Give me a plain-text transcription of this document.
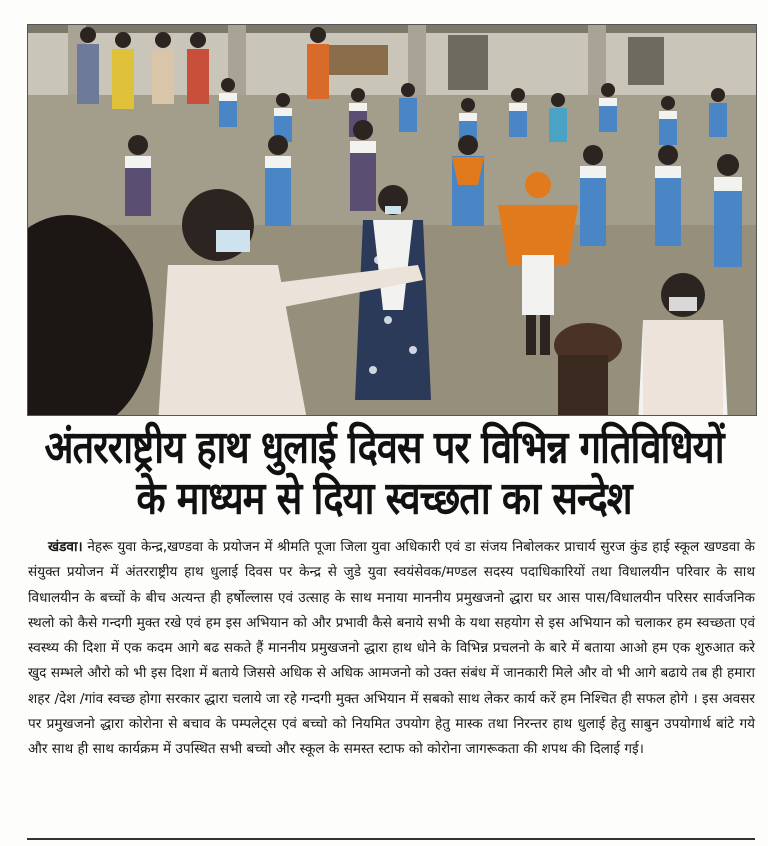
अंतरराष्ट्रीय हाथ धुलाई दिवस पर विभिन्न गतिविधियों
के माध्यम से दिया स्वच्छता का सन्देश
खंडवा। नेहरू युवा केन्द्र,खण्डवा के प्रयोजन में श्रीमति पूजा जिला युवा अधिकारी एवं डा संजय निबोलकर प्राचार्य सुरज कुंड हाई स्कूल खण्डवा के संयुक्त प्रयोजन में अंतरराष्ट्रीय हाथ धुलाई दिवस पर केन्द्र से जुडे युवा स्वयंसेवक/मण्डल सदस्य पदाधिकारियों तथा विधालयीन परिवार के साथ विधालयीन के बच्चों के बीच अत्यन्त ही हर्षोल्लास एवं उत्साह के साथ मनाया माननीय प्रमुखजनो द्धारा घर आस पास/विधालयीन परिसर सार्वजनिक स्थलो को कैसे गन्दगी मुक्त रखे एवं हम इस अभियान को और प्रभावी कैसे बनाये सभी के यथा सहयोग से इस अभियान को चलाकर हम स्वच्छता एवं स्वस्थ्य की दिशा में एक कदम आगे बढ सकते हैं माननीय प्रमुखजनो द्धारा हाथ धोने के विभिन्न प्रचलनो के बारे में बताया आओ हम एक शुरुआत करे खुद सम्भले औरो को भी इस दिशा में बताये जिससे अधिक से अधिक आमजनो को उक्त संबंध में जानकारी मिले और वो भी आगे बढाये तब ही हमारा शहर /देश /गांव स्वच्छ होगा सरकार द्धारा चलाये जा रहे गन्दगी मुक्त अभियान में सबको साथ लेकर कार्य करें हम निश्चित ही सफल होगे । इस अवसर पर प्रमुखजनो द्धारा कोरोना से बचाव के पम्पलेट्स एवं बच्चो को नियमित उपयोग हेतु मास्क तथा निरन्तर हाथ धुलाई हेतु साबुन उपयोगार्थ बांटे गये और साथ ही साथ कार्यक्रम में उपस्थित सभी बच्चो और स्कूल के समस्त स्टाफ को कोरोना जागरूकता की शपथ की दिलाई गई।
